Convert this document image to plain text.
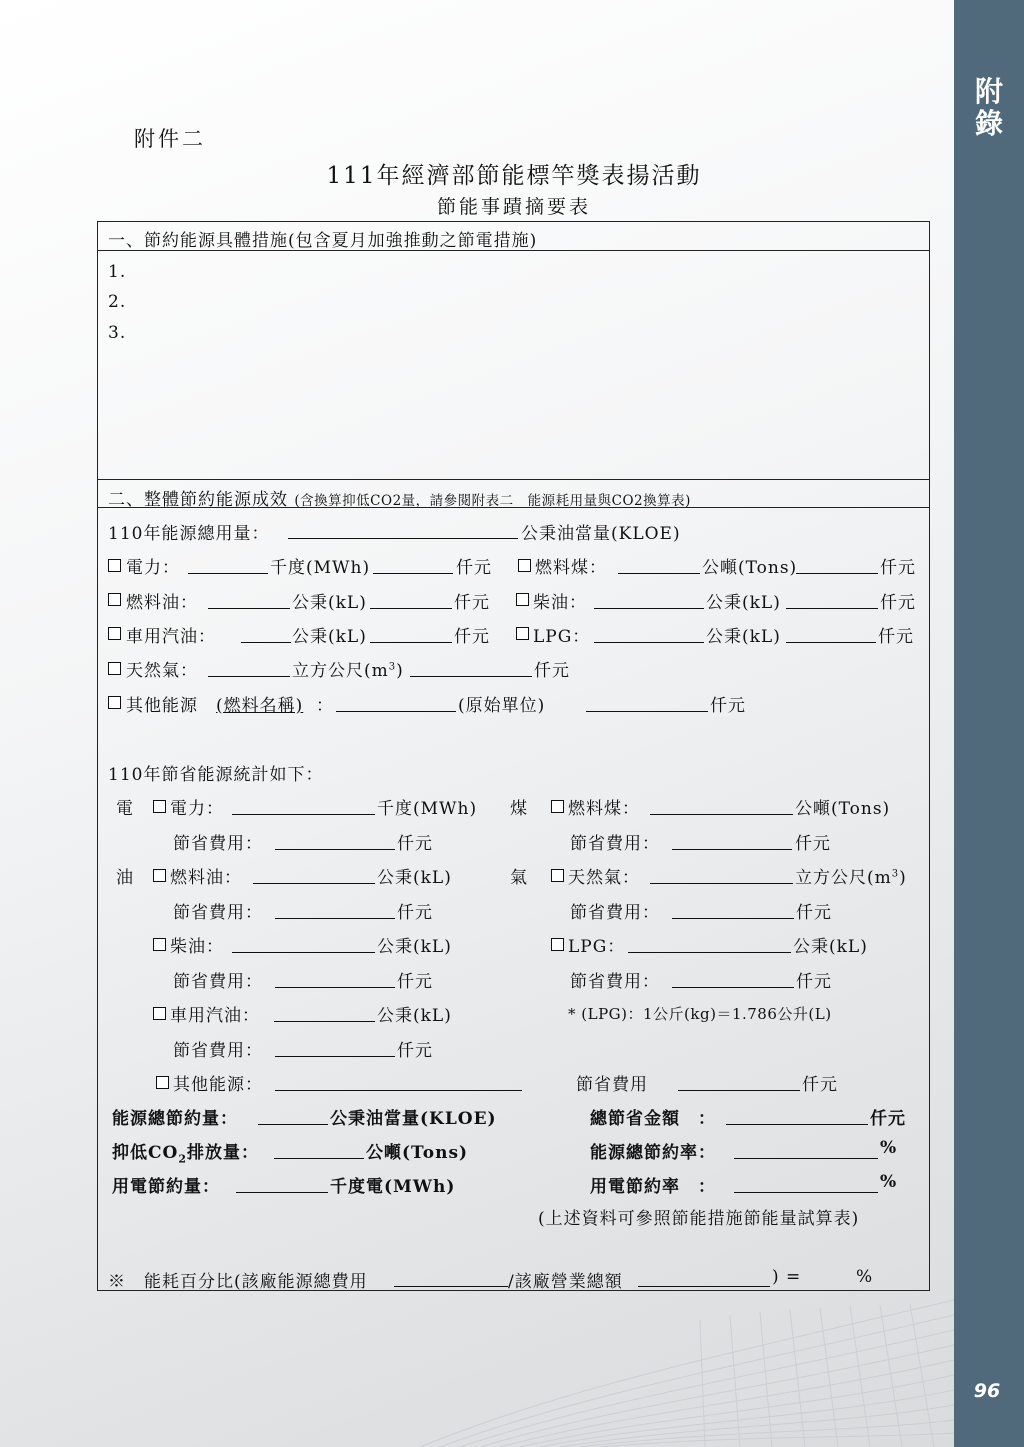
附
錄
96
附件二
111年經濟部節能標竿獎表揚活動
節能事蹟摘要表
一、節約能源具體措施(包含夏月加強推動之節電措施)
1.
2.
3.
二、整體節約能源成效 (含換算抑低CO2量，請參閱附表二　能源耗用量與CO2換算表)
110年能源總用量：	公秉油當量(KLOE)
電力：	千度(MWh)	仟元	燃料煤：	公噸(Tons)	仟元
燃料油：	公秉(kL)	仟元	柴油：	公秉(kL)	仟元
車用汽油：	公秉(kL)	仟元	LPG：	公秉(kL)	仟元
天然氣：	立方公尺$(m^3)$	仟元
其他能源 (燃料名稱) ：	(原始單位)	仟元
110年節省能源統計如下：
電 電力：	千度(MWh) 煤 燃料煤：	公噸(Tons)
節省費用：	仟元	節省費用：	仟元
油 燃料油：	公秉(kL)	氣 天然氣：	立方公尺$(m^3)$
節省費用：	仟元	節省費用：	仟元
柴油：	公秉(kL)	LPG：	公秉(kL)
節省費用：	仟元	節省費用：	仟元
車用汽油：	公秉(kL)	* (LPG)：1公斤(kg)＝1.786公升(L)
節省費用：	仟元
其他能源：	節省費用	仟元
能源總節約量：	公秉油當量(KLOE)	總節省金額　：	仟元
抑低$CO_2$排放量：	公噸(Tons)	能源總節約率：	%
用電節約量：	千度電(MWh)	用電節約率　：	%
(上述資料可參照節能措施節能量試算表)
※　能耗百分比(該廠能源總費用	/該廠營業總額	) =	%
